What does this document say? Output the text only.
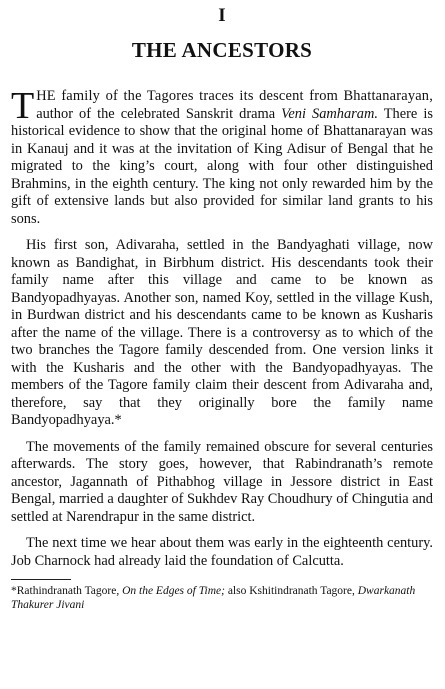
I
THE ANCESTORS

THE family of the Tagores traces its descent from Bhattanarayan, author of the celebrated Sanskrit drama Veni Samharam. There is historical evidence to show that the original home of Bhattanarayan was in Kanauj and it was at the invitation of King Adisur of Bengal that he migrated to the king’s court, along with four other distinguished Brahmins, in the eighth century. The king not only rewarded him by the gift of extensive lands but also provided for similar land grants to his sons.

His first son, Adivaraha, settled in the Bandyaghati village, now known as Bandighat, in Birbhum district. His descendants took their family name after this village and came to be known as Bandyopadhyayas. Another son, named Koy, settled in the village Kush, in Burdwan district and his descendants came to be known as Kusharis after the name of the village. There is a controversy as to which of the two branches the Tagore family descended from. One version links it with the Kusharis and the other with the Bandyopadhyayas. The members of the Tagore family claim their descent from Adivaraha and, therefore, say that they originally bore the family name Bandyopadhyaya.*

The movements of the family remained obscure for several centuries afterwards. The story goes, however, that Rabindranath’s remote ancestor, Jagannath of Pithabhog village in Jessore district in East Bengal, married a daughter of Sukhdev Ray Choudhury of Chingutia and settled at Narendrapur in the same district.

The next time we hear about them was early in the eighteenth century. Job Charnock had already laid the foundation of Calcutta.

*Rathindranath Tagore, On the Edges of Time; also Kshitindranath Tagore, Dwarkanath Thakurer Jivani
